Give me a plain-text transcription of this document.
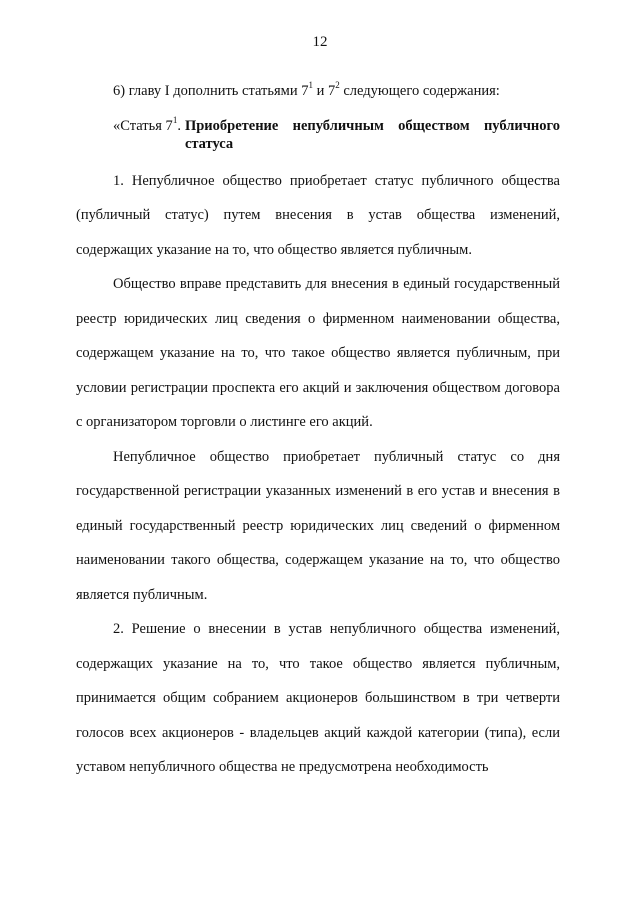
12
6) главу I дополнить статьями $7^1$ и $7^2$ следующего содержания:
«Статья $7^1$. Приобретение непубличным обществом публичного статуса

1. Непубличное общество приобретает статус публичного общества (публичный статус) путем внесения в устав общества изменений, содержащих указание на то, что общество является публичным.

Общество вправе представить для внесения в единый государственный реестр юридических лиц сведения о фирменном наименовании общества, содержащем указание на то, что такое общество является публичным, при условии регистрации проспекта его акций и заключения обществом договора с организатором торговли о листинге его акций.

Непубличное общество приобретает публичный статус со дня государственной регистрации указанных изменений в его устав и внесения в единый государственный реестр юридических лиц сведений о фирменном наименовании такого общества, содержащем указание на то, что общество является публичным.

2. Решение о внесении в устав непубличного общества изменений, содержащих указание на то, что такое общество является публичным, принимается общим собранием акционеров большинством в три четверти голосов всех акционеров - владельцев акций каждой категории (типа), если уставом непубличного общества не предусмотрена необходимость
